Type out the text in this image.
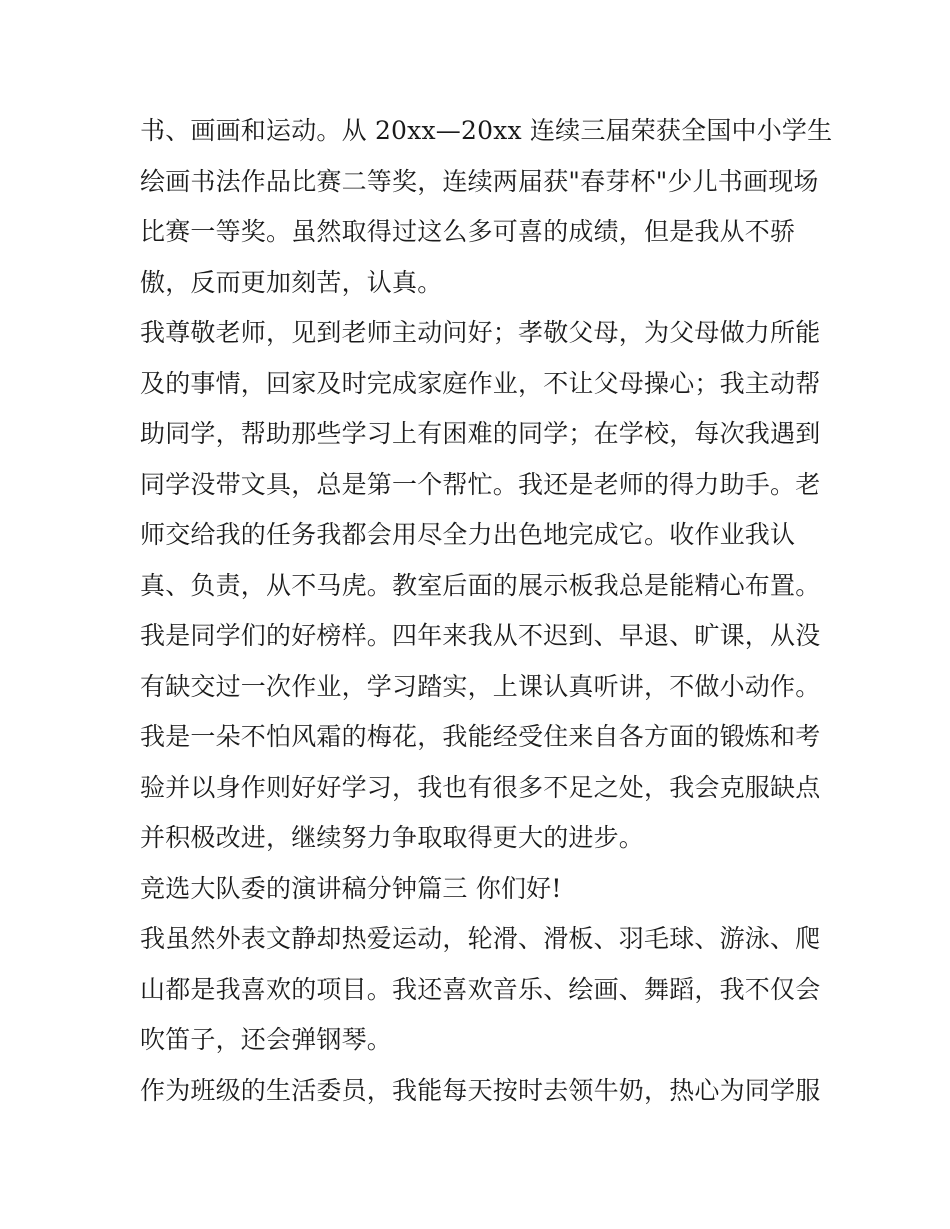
书、画画和运动。从 20xx—20xx 连续三届荣获全国中小学生
绘画书法作品比赛二等奖，连续两届获"春芽杯"少儿书画现场
比赛一等奖。虽然取得过这么多可喜的成绩，但是我从不骄
傲，反而更加刻苦，认真。
我尊敬老师，见到老师主动问好；孝敬父母，为父母做力所能
及的事情，回家及时完成家庭作业，不让父母操心；我主动帮
助同学，帮助那些学习上有困难的同学；在学校，每次我遇到
同学没带文具，总是第一个帮忙。我还是老师的得力助手。老
师交给我的任务我都会用尽全力出色地完成它。收作业我认
真、负责，从不马虎。教室后面的展示板我总是能精心布置。
我是同学们的好榜样。四年来我从不迟到、早退、旷课，从没
有缺交过一次作业，学习踏实，上课认真听讲，不做小动作。
我是一朵不怕风霜的梅花，我能经受住来自各方面的锻炼和考
验并以身作则好好学习，我也有很多不足之处，我会克服缺点
并积极改进，继续努力争取取得更大的进步。
竞选大队委的演讲稿分钟篇三 你们好!
我虽然外表文静却热爱运动，轮滑、滑板、羽毛球、游泳、爬
山都是我喜欢的项目。我还喜欢音乐、绘画、舞蹈，我不仅会
吹笛子，还会弹钢琴。
作为班级的生活委员，我能每天按时去领牛奶，热心为同学服
